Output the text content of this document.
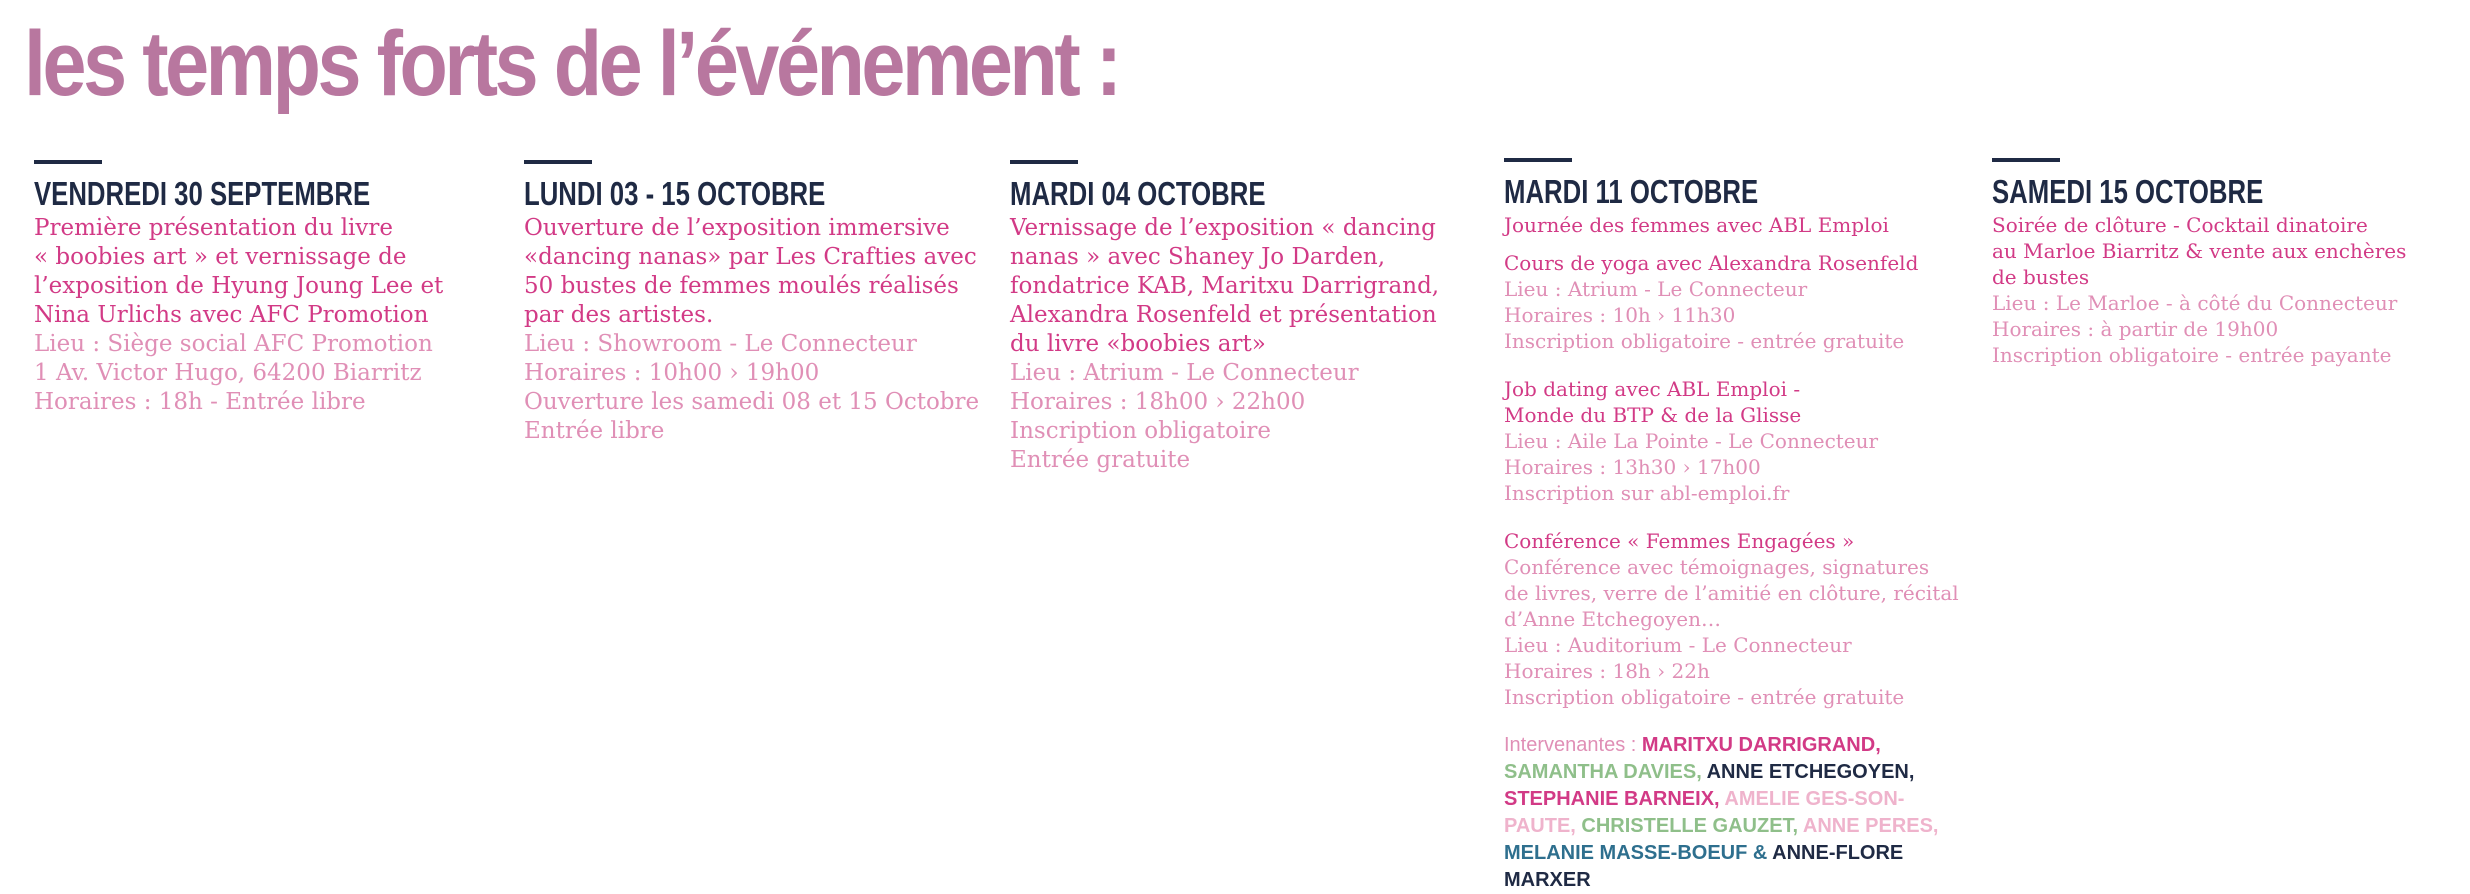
les temps forts de l’événement :
VENDREDI 30 SEPTEMBRE
Première présentation du livre
« boobies art » et vernissage de
l’exposition de Hyung Joung Lee et
Nina Urlichs avec AFC Promotion
Lieu : Siège social AFC Promotion
1 Av. Victor Hugo, 64200 Biarritz
Horaires : 18h - Entrée libre
LUNDI 03 - 15 OCTOBRE
Ouverture de l’exposition immersive
«dancing nanas» par Les Crafties avec
50 bustes de femmes moulés réalisés
par des artistes.
Lieu : Showroom - Le Connecteur
Horaires : 10h00 › 19h00
Ouverture les samedi 08 et 15 Octobre
Entrée libre
MARDI 04 OCTOBRE
Vernissage de l’exposition « dancing
nanas » avec Shaney Jo Darden,
fondatrice KAB, Maritxu Darrigrand,
Alexandra Rosenfeld et présentation
du livre «boobies art»
Lieu : Atrium - Le Connecteur
Horaires : 18h00 › 22h00
Inscription obligatoire
Entrée gratuite
MARDI 11 OCTOBRE
Journée des femmes avec ABL Emploi
Cours de yoga avec Alexandra Rosenfeld
Lieu : Atrium - Le Connecteur
Horaires : 10h › 11h30
Inscription obligatoire - entrée gratuite
Job dating avec ABL Emploi -
Monde du BTP & de la Glisse
Lieu : Aile La Pointe - Le Connecteur
Horaires : 13h30 › 17h00
Inscription sur abl-emploi.fr
Conférence « Femmes Engagées »
Conférence avec témoignages, signatures
de livres, verre de l’amitié en clôture, récital
d’Anne Etchegoyen…
Lieu : Auditorium - Le Connecteur
Horaires : 18h › 22h
Inscription obligatoire - entrée gratuite
Intervenantes : MARITXU DARRIGRAND, SAMANTHA DAVIES, ANNE ETCHEGOYEN, STEPHANIE BARNEIX, AMELIE GES-SON-PAUTE, CHRISTELLE GAUZET, ANNE PERES, MELANIE MASSE-BOEUF & ANNE-FLORE MARXER
SAMEDI 15 OCTOBRE
Soirée de clôture - Cocktail dinatoire
au Marloe Biarritz & vente aux enchères
de bustes
Lieu : Le Marloe - à côté du Connecteur
Horaires : à partir de 19h00
Inscription obligatoire - entrée payante
